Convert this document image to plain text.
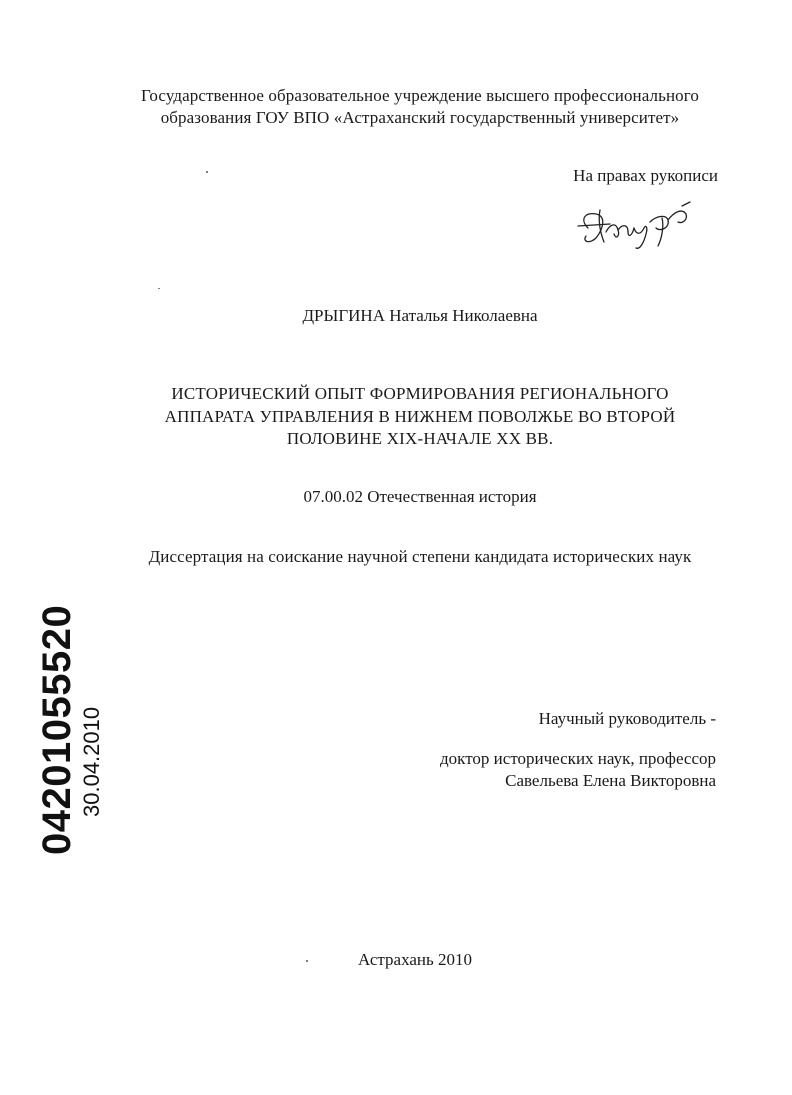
Государственное образовательное учреждение высшего профессионального
образования ГОУ ВПО «Астраханский государственный университет»
На правах рукописи
ДРЫГИНА Наталья Николаевна
ИСТОРИЧЕСКИЙ ОПЫТ ФОРМИРОВАНИЯ РЕГИОНАЛЬНОГО
АППАРАТА УПРАВЛЕНИЯ В НИЖНЕМ ПОВОЛЖЬЕ ВО ВТОРОЙ
ПОЛОВИНЕ XIX-НАЧАЛЕ XX ВВ.
07.00.02 Отечественная история
Диссертация на соискание научной степени кандидата исторических наук
04201055520 30.04.2010	Научный руководитель -
доктор исторических наук, профессор
Савельева Елена Викторовна
Астрахань 2010
